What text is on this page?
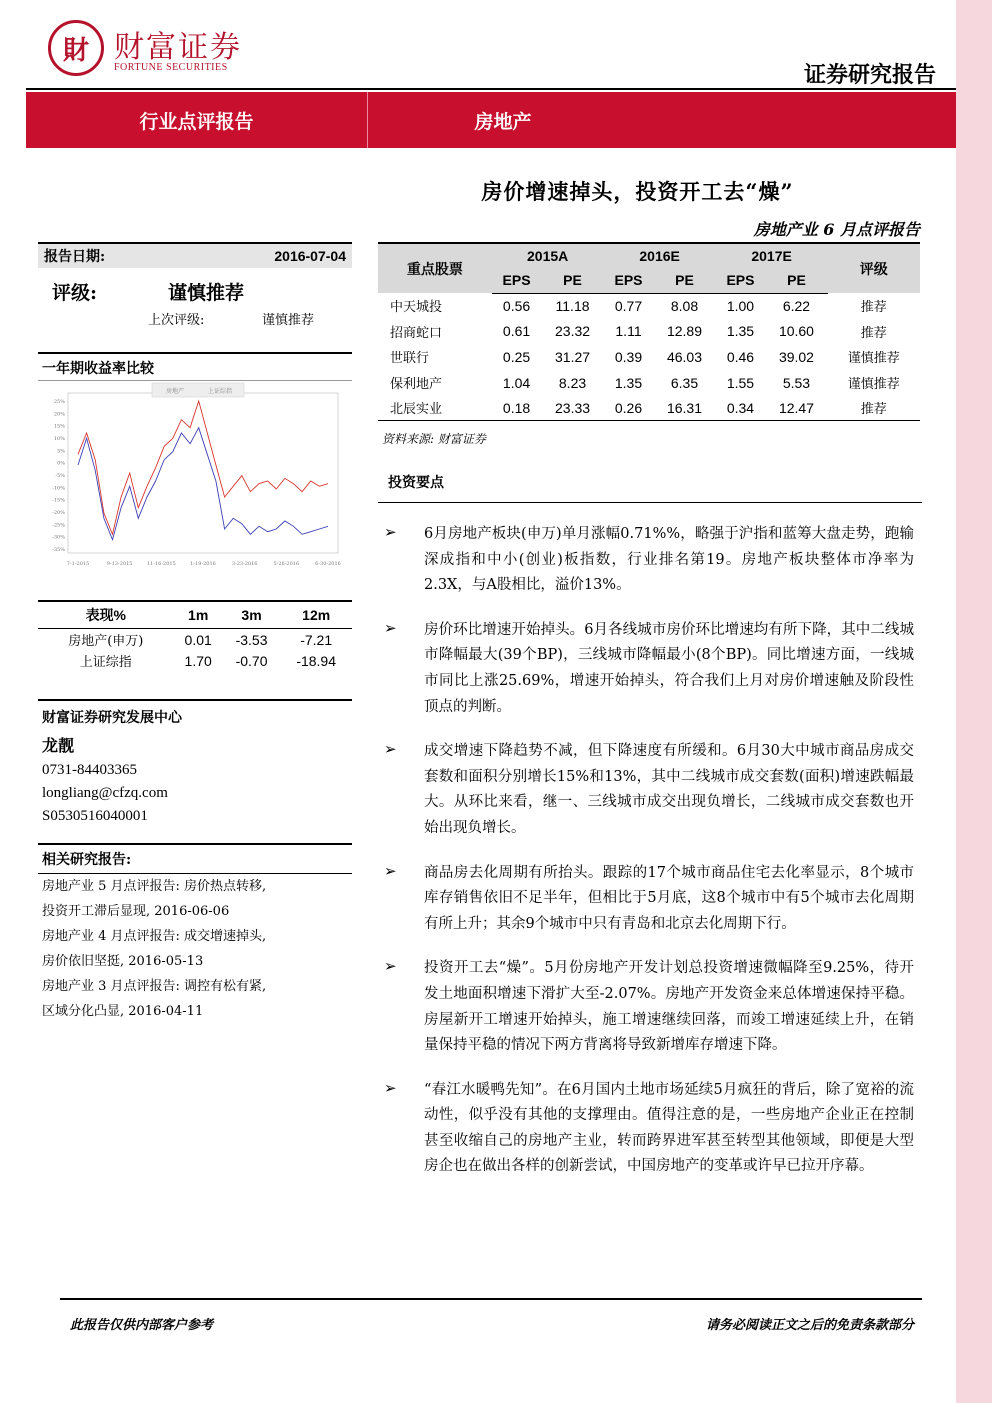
財 财富证券
FORTUNE SECURITIES	证券研究报告
行业点评报告	房地产
房价增速掉头，投资开工去“燥”
房地产业 6 月点评报告
报告日期:	2016-07-04
评级:	谨慎推荐
上次评级:	谨慎推荐
一年期收益率比较
房地产	上证综指
25%
20%
15%
10%
5%
0%
-5%
-10%
-15%
-20%
-25%
-30%
-35%
7-1-2015	9-13-2015	11-16-2015	1-19-2016	3-23-2016	5-26-2016	6-30-2016
表现%	1m	3m	12m
房地产(申万)	0.01	-3.53	-7.21
上证综指	1.70	-0.70	-18.94
财富证券研究发展中心
龙靓
0731-84403365
longliang@cfzq.com
S0530516040001
相关研究报告:
房地产业 5 月点评报告: 房价热点转移,
投资开工滞后显现, 2016-06-06
房地产业 4 月点评报告: 成交增速掉头,
房价依旧坚挺, 2016-05-13
房地产业 3 月点评报告: 调控有松有紧,
区域分化凸显, 2016-04-11
重点股票	2015A		2016E		2017E		评级
	EPS	PE	EPS	PE	EPS	PE	
中天城投	0.56	11.18	0.77	8.08	1.00	6.22	推荐
招商蛇口	0.61	23.32	1.11	12.89	1.35	10.60	推荐
世联行	0.25	31.27	0.39	46.03	0.46	39.02	谨慎推荐
保利地产	1.04	8.23	1.35	6.35	1.55	5.53	谨慎推荐
北辰实业	0.18	23.33	0.26	16.31	0.34	12.47	推荐
资料来源: 财富证券
投资要点
➢	6月房地产板块(申万)单月涨幅0.71%%，略强于沪指和蓝筹大盘走势，跑输深成指和中小(创业)板指数，行业排名第19。房地产板块整体市净率为2.3X，与A股相比，溢价13%。
➢	房价环比增速开始掉头。6月各线城市房价环比增速均有所下降，其中二线城市降幅最大(39个BP)，三线城市降幅最小(8个BP)。同比增速方面，一线城市同比上涨25.69%，增速开始掉头，符合我们上月对房价增速触及阶段性顶点的判断。
➢	成交增速下降趋势不减，但下降速度有所缓和。6月30大中城市商品房成交套数和面积分别增长15%和13%，其中二线城市成交套数(面积)增速跌幅最大。从环比来看，继一、三线城市成交出现负增长，二线城市成交套数也开始出现负增长。
➢	商品房去化周期有所抬头。跟踪的17个城市商品住宅去化率显示，8个城市库存销售依旧不足半年，但相比于5月底，这8个城市中有5个城市去化周期有所上升；其余9个城市中只有青岛和北京去化周期下行。
➢	投资开工去“燥”。5月份房地产开发计划总投资增速微幅降至9.25%，待开发土地面积增速下滑扩大至-2.07%。房地产开发资金来总体增速保持平稳。房屋新开工增速开始掉头，施工增速继续回落，而竣工增速延续上升，在销量保持平稳的情况下两方背离将导致新增库存增速下降。
➢	“春江水暖鸭先知”。在6月国内土地市场延续5月疯狂的背后，除了宽裕的流动性，似乎没有其他的支撑理由。值得注意的是，一些房地产企业正在控制甚至收缩自己的房地产主业，转而跨界进军甚至转型其他领域，即便是大型房企也在做出各样的创新尝试，中国房地产的变革或许早已拉开序幕。
此报告仅供内部客户参考	请务必阅读正文之后的免责条款部分
